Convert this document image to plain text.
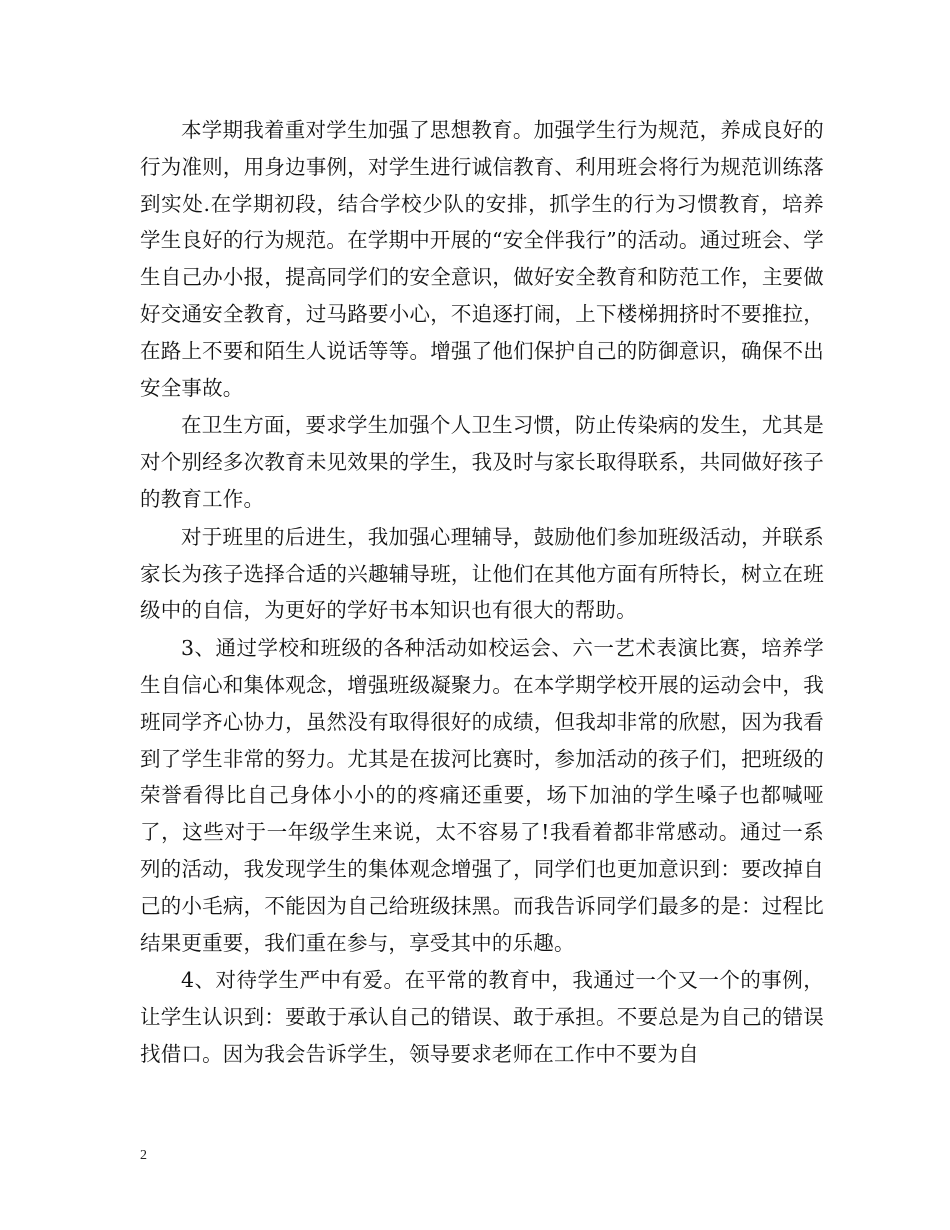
本学期我着重对学生加强了思想教育。加强学生行为规范，养成良好的行为准则，用身边事例，对学生进行诚信教育、利用班会将行为规范训练落到实处.在学期初段，结合学校少队的安排，抓学生的行为习惯教育，培养学生良好的行为规范。在学期中开展的“安全伴我行”的活动。通过班会、学生自己办小报，提高同学们的安全意识，做好安全教育和防范工作，主要做好交通安全教育，过马路要小心，不追逐打闹，上下楼梯拥挤时不要推拉，在路上不要和陌生人说话等等。增强了他们保护自己的防御意识，确保不出安全事故。

在卫生方面，要求学生加强个人卫生习惯，防止传染病的发生，尤其是对个别经多次教育未见效果的学生，我及时与家长取得联系，共同做好孩子的教育工作。

对于班里的后进生，我加强心理辅导，鼓励他们参加班级活动，并联系家长为孩子选择合适的兴趣辅导班，让他们在其他方面有所特长，树立在班级中的自信，为更好的学好书本知识也有很大的帮助。

3、通过学校和班级的各种活动如校运会、六一艺术表演比赛，培养学生自信心和集体观念，增强班级凝聚力。在本学期学校开展的运动会中，我班同学齐心协力，虽然没有取得很好的成绩，但我却非常的欣慰，因为我看到了学生非常的努力。尤其是在拔河比赛时，参加活动的孩子们，把班级的荣誉看得比自己身体小小的的疼痛还重要，场下加油的学生嗓子也都喊哑了，这些对于一年级学生来说，太不容易了!我看着都非常感动。通过一系列的活动，我发现学生的集体观念增强了，同学们也更加意识到：要改掉自己的小毛病，不能因为自己给班级抹黑。而我告诉同学们最多的是：过程比结果更重要，我们重在参与，享受其中的乐趣。

4、对待学生严中有爱。在平常的教育中，我通过一个又一个的事例，让学生认识到：要敢于承认自己的错误、敢于承担。不要总是为自己的错误找借口。因为我会告诉学生，领导要求老师在工作中不要为自

2
